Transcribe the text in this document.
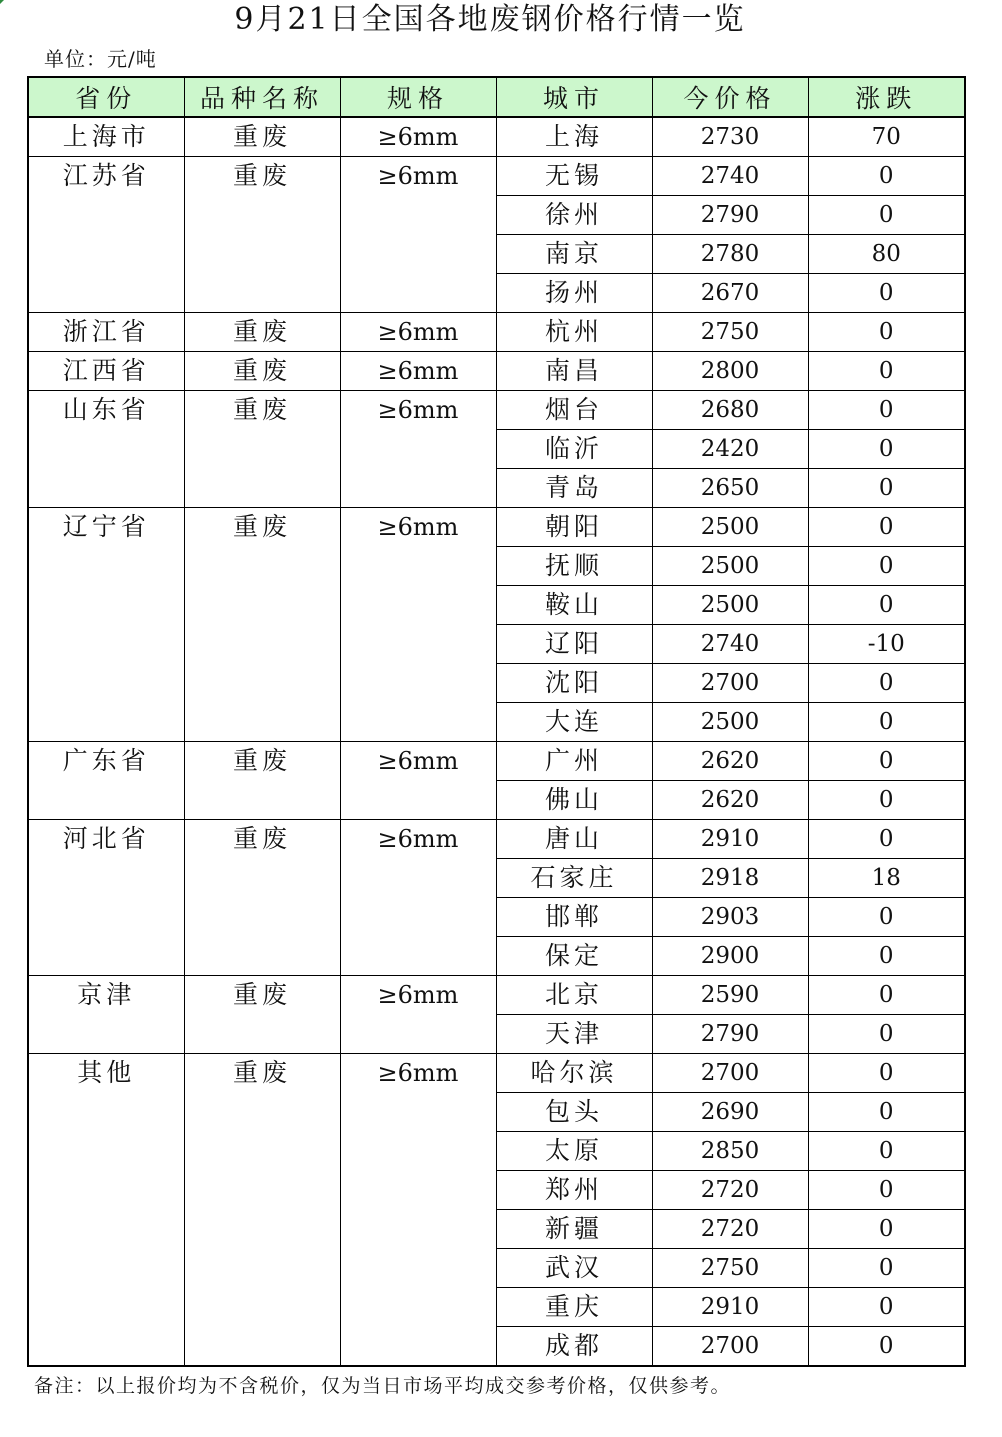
9月21日全国各地废钢价格行情一览
单位：元/吨
省份	品种名称	规格	城市	今价格	涨跌
上海市	重废	≥6mm	上海	2730	70
江苏省	重废	≥6mm	无锡	2740	0
			徐州	2790	0
			南京	2780	80
			扬州	2670	0
浙江省	重废	≥6mm	杭州	2750	0
江西省	重废	≥6mm	南昌	2800	0
山东省	重废	≥6mm	烟台	2680	0
			临沂	2420	0
			青岛	2650	0
辽宁省	重废	≥6mm	朝阳	2500	0
			抚顺	2500	0
			鞍山	2500	0
			辽阳	2740	-10
			沈阳	2700	0
			大连	2500	0
广东省	重废	≥6mm	广州	2620	0
			佛山	2620	0
河北省	重废	≥6mm	唐山	2910	0
			石家庄	2918	18
			邯郸	2903	0
			保定	2900	0
京津	重废	≥6mm	北京	2590	0
			天津	2790	0
其他	重废	≥6mm	哈尔滨	2700	0
			包头	2690	0
			太原	2850	0
			郑州	2720	0
			新疆	2720	0
			武汉	2750	0
			重庆	2910	0
			成都	2700	0
备注：以上报价均为不含税价，仅为当日市场平均成交参考价格，仅供参考。
